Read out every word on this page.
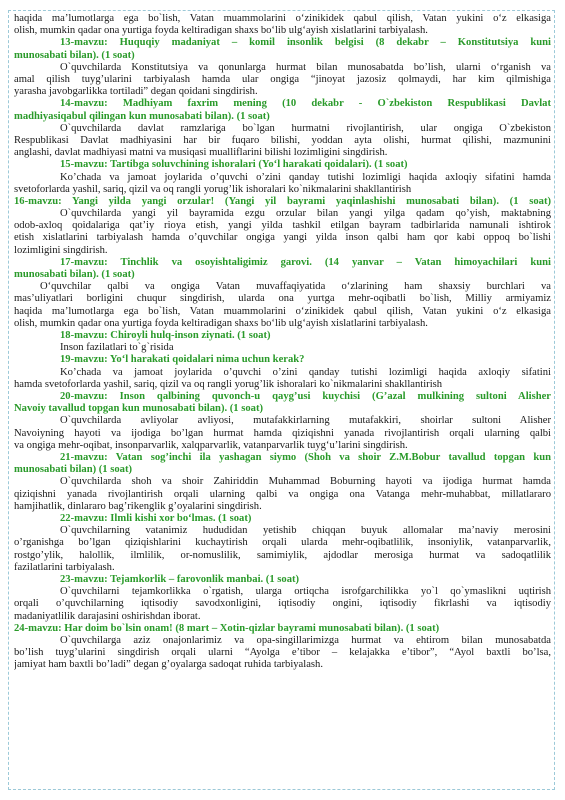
haqida ma’lumotlarga ega bo`lish, Vatan muammolarini o‘zinikidek qabul qilish, Vatan yukini o‘z elkasiga
olish, mumkin qadar ona yurtiga foyda keltiradigan shaxs bo‘lib ulg‘ayish xislatlarini tarbiyalash.
13-mavzu: Huquqiy madaniyat – komil insonlik belgisi (8 dekabr – Konstitutsiya kuni
munosabati bilan). (1 soat)
O`quvchilarda Konstitutsiya va qonunlarga hurmat bilan munosabatda bo’lish, ularni o‘rganish va
amal qilish tuyg’ularini tarbiyalash hamda ular ongiga “jinoyat jazosiz qolmaydi, har kim qilmishiga
yarasha javobgarlikka tortiladi” degan qoidani singdirish.
14-mavzu: Madhiyam faxrim mening (10 dekabr - O`zbekiston Respublikasi Davlat
madhiyasiqabul qilingan kun munosabati bilan). (1 soat)
O`quvchilarda davlat ramzlariga bo`lgan hurmatni rivojlantirish, ular ongiga O`zbekiston
Respublikasi Davlat madhiyasini har bir fuqaro bilishi, yoddan ayta olishi, hurmat qilishi, mazmunini
anglashi, davlat madhiyasi matni va musiqasi mualliflarini bilishi lozimligini singdirish.
15-mavzu: Tartibga soluvchining ishoralari (Yo‘l harakati qoidalari). (1 soat)
Ko’chada va jamoat joylarida o’quvchi o’zini qanday tutishi lozimligi haqida axloqiy sifatini hamda
svetoforlarda yashil, sariq, qizil va oq rangli yorug’lik ishoralari ko`nikmalarini shakllantirish
16-mavzu: Yangi yilda yangi orzular! (Yangi yil bayrami yaqinlashishi munosabati bilan). (1 soat)
O`quvchilarda yangi yil bayramida ezgu orzular bilan yangi yilga qadam qo’yish, maktabning
odob-axloq qoidalariga qat’iy rioya etish, yangi yilda tashkil etilgan bayram tadbirlarida namunali ishtirok
etish xislatlarini tarbiyalash hamda o’quvchilar ongiga yangi yilda inson qalbi ham qor kabi oppoq bo`lishi
lozimligini singdirish.
17-mavzu: Tinchlik va osoyishtaligimiz garovi. (14 yanvar – Vatan himoyachilari kuni
munosabati bilan). (1 soat)
O‘quvchilar qalbi va ongiga Vatan muvaffaqiyatida o‘zlarining ham shaxsiy burchlari va
mas’uliyatlari borligini chuqur singdirish, ularda ona yurtga mehr-oqibatli bo`lish, Milliy armiyamiz
haqida ma’lumotlarga ega bo`lish, Vatan muammolarini o‘zinikidek qabul qilish, Vatan yukini o‘z elkasiga
olish, mumkin qadar ona yurtiga foyda keltiradigan shaxs bo‘lib ulg‘ayish xislatlarini tarbiyalash.
18-mavzu: Chiroyli hulq-inson ziynati. (1 soat)
Inson fazilatlari to`g`risida
19-mavzu: Yo‘l harakati qoidalari nima uchun kerak?
Ko’chada va jamoat joylarida o’quvchi o’zini qanday tutishi lozimligi haqida axloqiy sifatini
hamda svetoforlarda yashil, sariq, qizil va oq rangli yorug’lik ishoralari ko`nikmalarini shakllantirish
20-mavzu: Inson qalbining quvonch-u qayg’usi kuychisi (G’azal mulkining sultoni Alisher
Navoiy tavallud topgan kun munosabati bilan). (1 soat)
O`quvchilarda avliyolar avliyosi, mutafakkirlarning mutafakkiri, shoirlar sultoni Alisher
Navoiyning hayoti va ijodiga bo’lgan hurmat hamda qiziqishni yanada rivojlantirish orqali ularning qalbi
va ongiga mehr-oqibat, insonparvarlik, xalqparvarlik, vatanparvarlik tuyg‘u’larini singdirish.
21-mavzu: Vatan sog’inchi ila yashagan siymo (Shoh va shoir Z.M.Bobur tavallud topgan kun
munosabati bilan) (1 soat)
O`quvchilarda shoh va shoir Zahiriddin Muhammad Boburning hayoti va ijodiga hurmat hamda
qiziqishni yanada rivojlantirish orqali ularning qalbi va ongiga ona Vatanga mehr-muhabbat, millatlararo
hamjihatlik, dinlararo bag’rikenglik g’oyalarini singdirish.
22-mavzu: Ilmli kishi xor bo‘lmas. (1 soat)
O`quvchilarning vatanimiz hududidan yetishib chiqqan buyuk allomalar ma’naviy merosini
o’rganishga bo’lgan qiziqishlarini kuchaytirish orqali ularda mehr-oqibatlilik, insoniylik, vatanparvarlik,
rostgo’ylik, halollik, ilmlilik, or-nomuslilik, samimiylik, ajdodlar merosiga hurmat va sadoqatlilik
fazilatlarini tarbiyalash.
23-mavzu: Tejamkorlik – farovonlik manbai. (1 soat)
O`quvchilarni tejamkorlikka o`rgatish, ularga ortiqcha isrofgarchilikka yo`l qo`ymaslikni uqtirish
orqali o’quvchilarning iqtisodiy savodxonligini, iqtisodiy ongini, iqtisodiy fikrlashi va iqtisodiy
madaniyatlilik darajasini oshirishdan iborat.
24-mavzu: Har doim bo`lsin onam! (8 mart – Xotin-qizlar bayrami munosabati bilan). (1 soat)
O`quvchilarga aziz onajonlarimiz va opa-singillarimizga hurmat va ehtirom bilan munosabatda
bo’lish tuyg’ularini singdirish orqali ularni “Ayolga e’tibor – kelajakka e’tibor”, “Ayol baxtli bo’lsa,
jamiyat ham baxtli bo’ladi” degan g’oyalarga sadoqat ruhida tarbiyalash.
